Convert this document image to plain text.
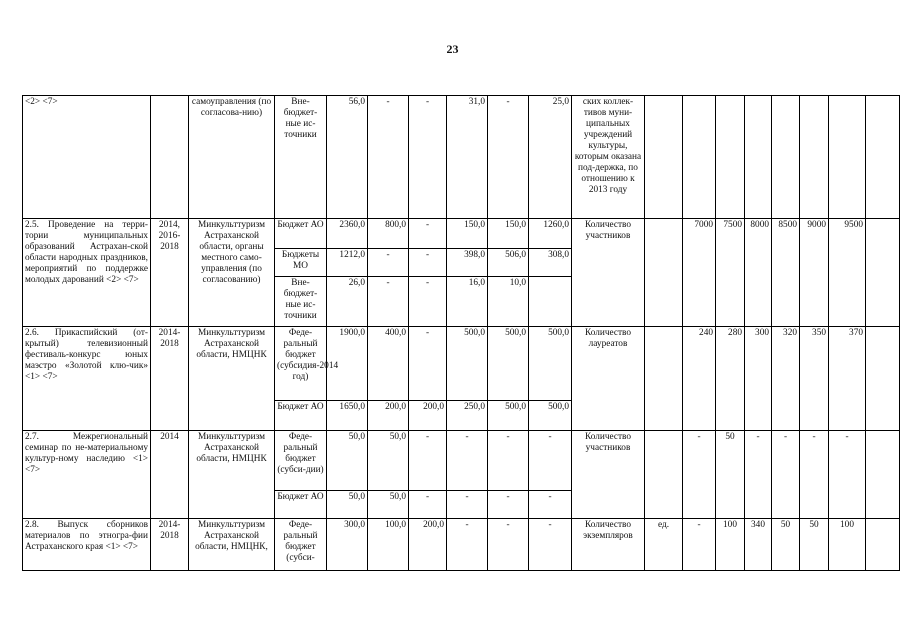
23
<2> <7>		самоуправления (по согласова-нию)	Вне-бюджет-ные ис-точники	56,0	-	-	31,0	-	25,0	ских коллек-тивов муни-ципальных учреждений культуры, которым оказана под-держка, по отношению к 2013 году								
2.5. Проведение на терри-тории муниципальных образований Астрахан-ской области народных праздников, мероприятий по поддержке молодых дарований <2> <7>	2014, 2016-2018	Минкульттуризм Астраханской области, органы местного само-управления (по согласованию)	Бюджет АО	2360,0	800,0	-	150,0	150,0	1260,0	Количество участников		7000	7500	8000	8500	9000	9500	
			Бюджеты МО	1212,0	-	-	398,0	506,0	308,0									
			Вне-бюджет-ные ис-точники	26,0	-	-	16,0	10,0										
2.6. Прикаспийский (от-крытый) телевизионный фестиваль-конкурс юных маэстро «Золотой клю-чик» <1> <7>	2014-2018	Минкульттуризм Астраханской области, НМЦНК	Феде-ральный бюджет (субсидия-2014 год)	1900,0	400,0	-	500,0	500,0	500,0	Количество лауреатов		240	280	300	320	350	370	
			Бюджет АО	1650,0	200,0	200,0	250,0	500,0	500,0									
2.7. Межрегиональный семинар по не-материальному культур-ному наследию <1> <7>	2014	Минкульттуризм Астраханской области, НМЦНК	Феде-ральный бюджет (субси-дии)	50,0	50,0	-	-	-	-	Количество участников		-	50	-	-	-	-	
			Бюджет АО	50,0	50,0	-	-	-	-									
2.8. Выпуск сборников материалов по этногра-фии Астраханского края <1> <7>	2014-2018	Минкульттуризм Астраханской области, НМЦНК,	Феде-ральный бюджет (субси-	300,0	100,0	200,0	-	-	-	Количество экземпляров	ед.	-	100	340	50	50	100	
